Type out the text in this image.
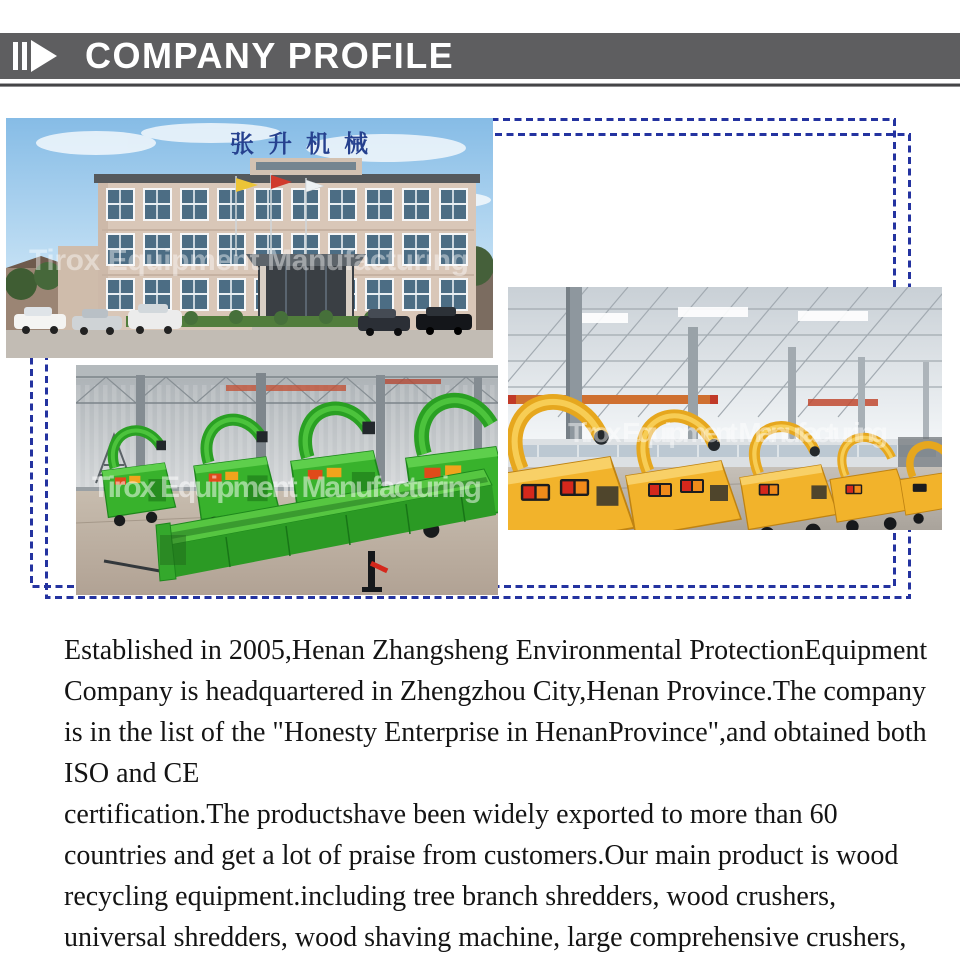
COMPANY PROFILE
张升机械
Tirox Equipment Manufacturing
Tirox Equipment Manufacturing
Tirox Equipment Manufacturing
Established in 2005,Henan Zhangsheng Environmental ProtectionEquipment
Company is headquartered in Zhengzhou City,Henan Province.The company
is in the list of the "Honesty Enterprise in HenanProvince",and obtained both
ISO and CE
certification.The productshave been widely exported to more than 60
countries and get a lot of praise from customers.Our main product is wood
recycling equipment.including tree branch shredders, wood crushers,
universal shredders, wood shaving machine, large comprehensive crushers,
